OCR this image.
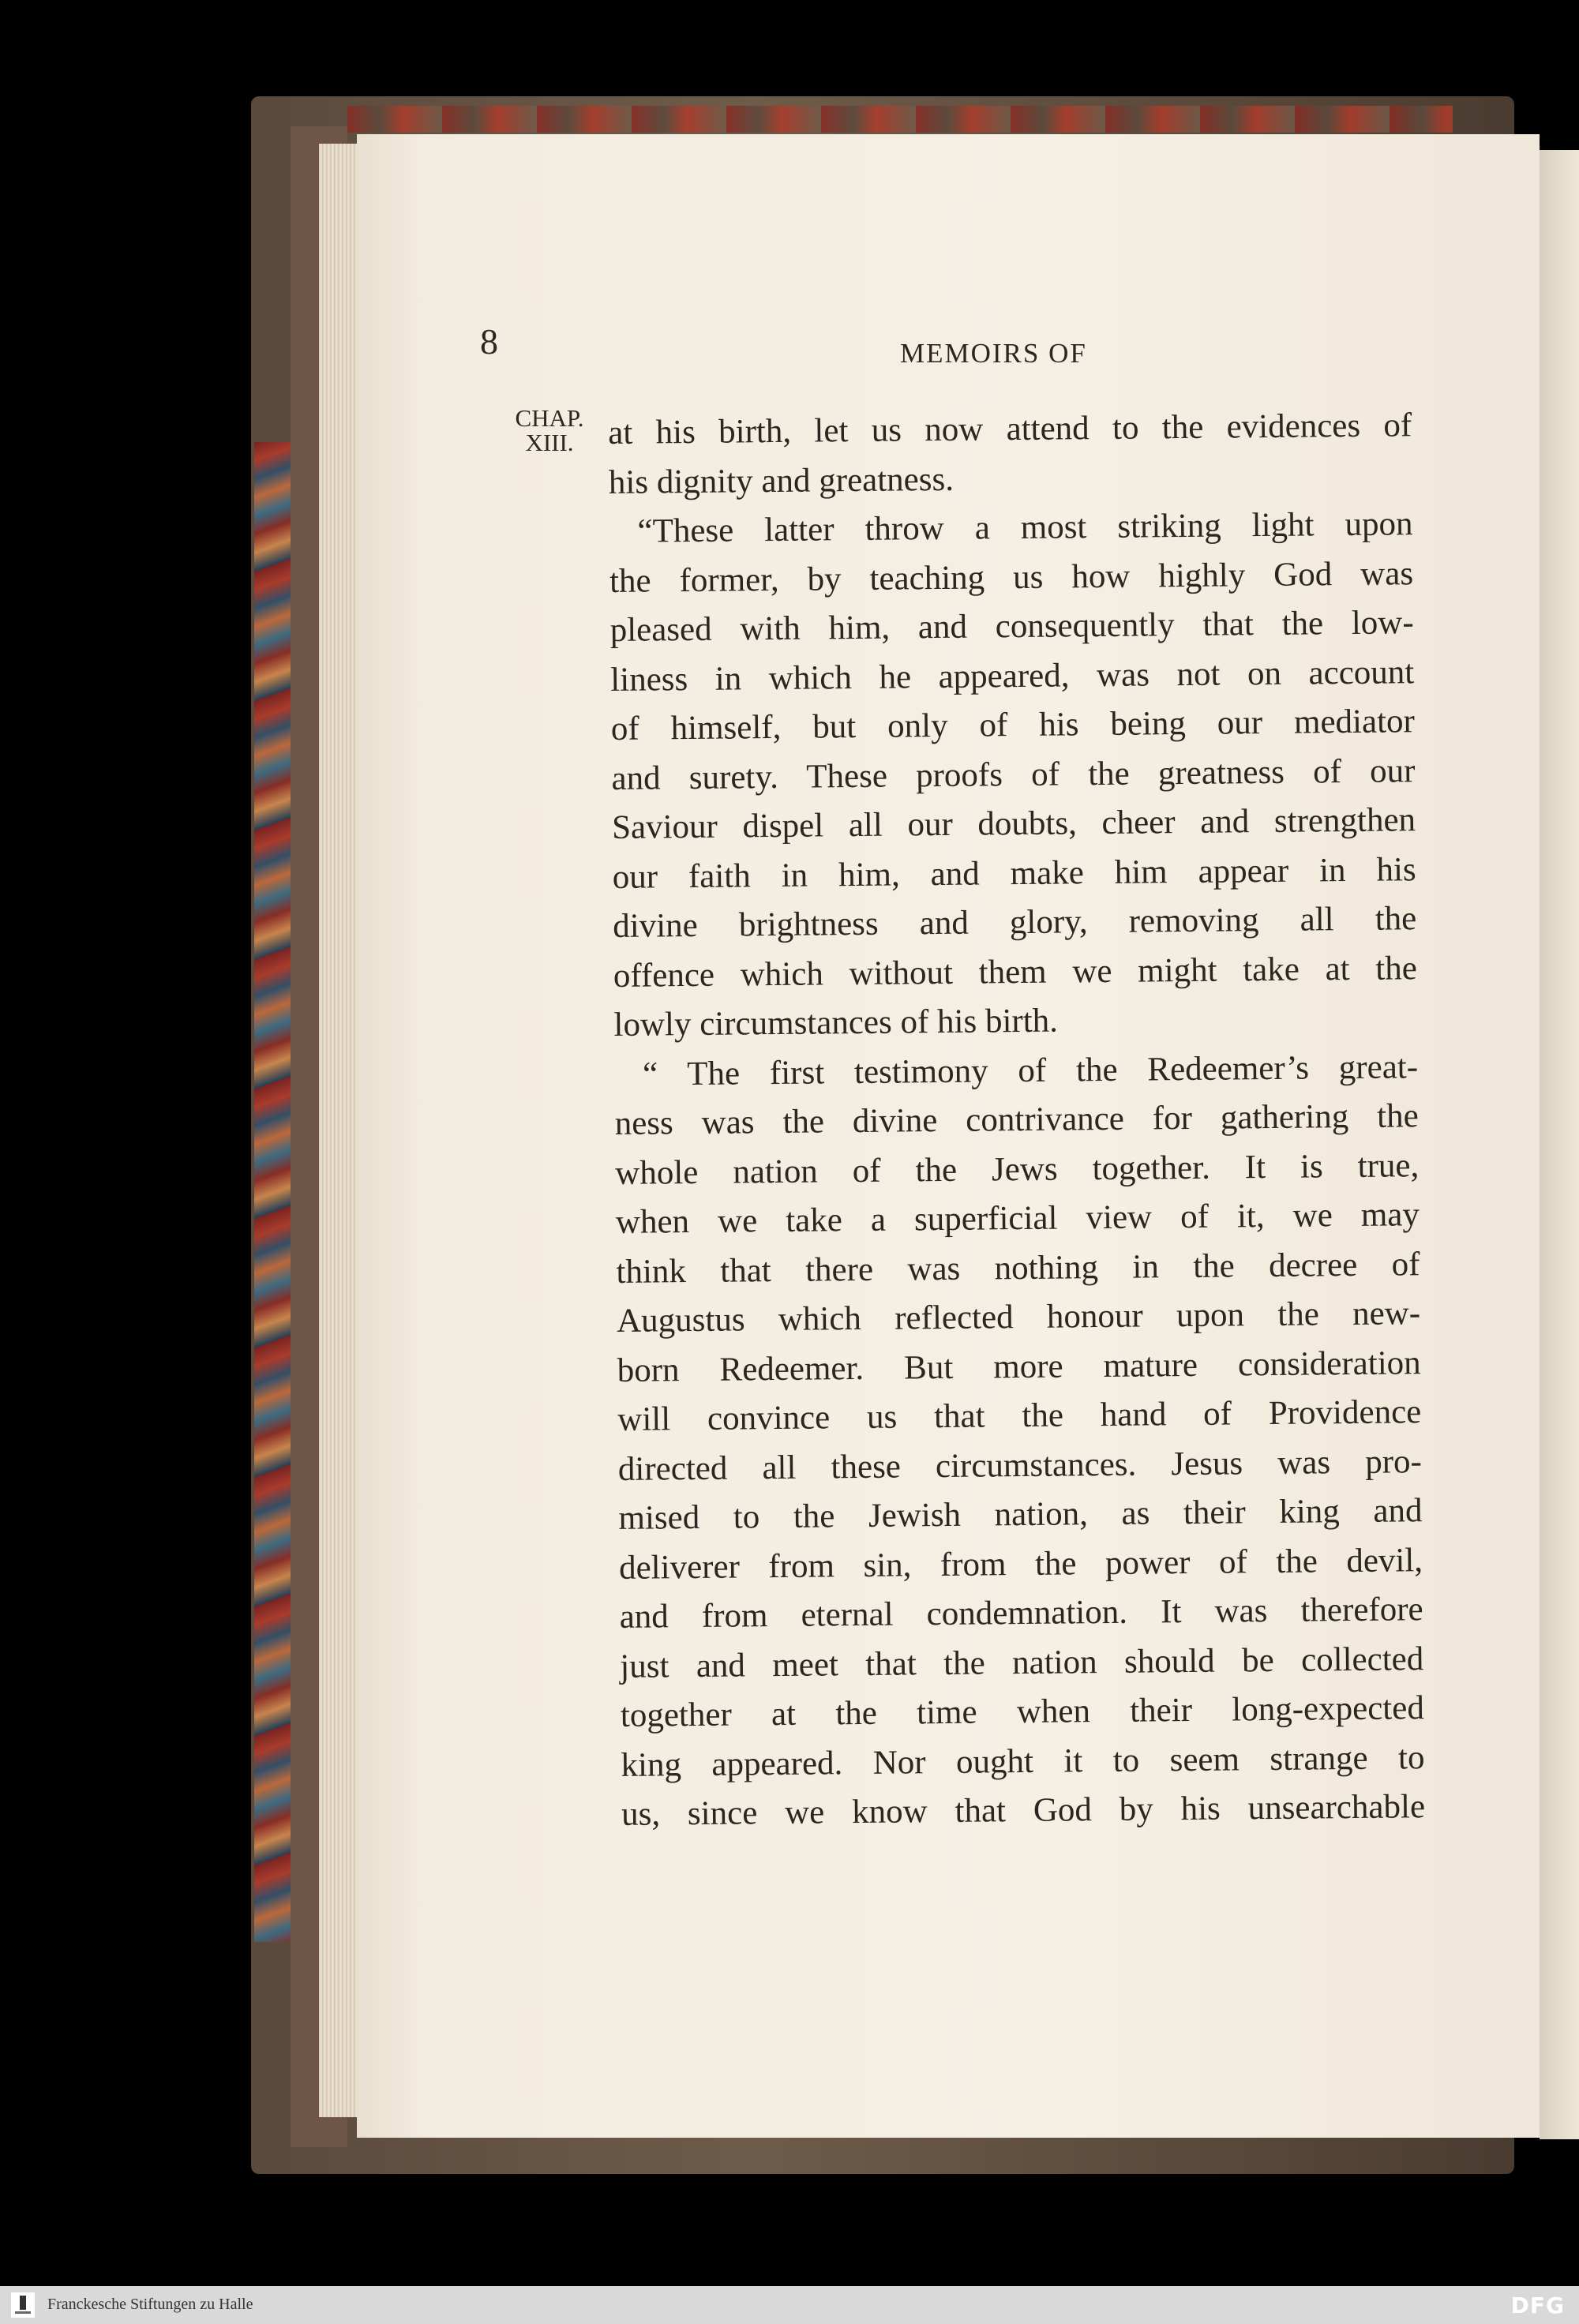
8	MEMOIRS OF

CHAP.
XIII.	at his birth, let us now attend to the evidences of
his dignity and greatness.
“These latter throw a most striking light upon
the former, by teaching us how highly God was
pleased with him, and consequently that the low-
liness in which he appeared, was not on account
of himself, but only of his being our mediator
and surety. These proofs of the greatness of our
Saviour dispel all our doubts, cheer and strengthen
our faith in him, and make him appear in his
divine brightness and glory, removing all the
offence which without them we might take at the
lowly circumstances of his birth.
“ The first testimony of the Redeemer’s great-
ness was the divine contrivance for gathering the
whole nation of the Jews together. It is true,
when we take a superficial view of it, we may
think that there was nothing in the decree of
Augustus which reflected honour upon the new-
born Redeemer. But more mature consideration
will convince us that the hand of Providence
directed all these circumstances. Jesus was pro-
mised to the Jewish nation, as their king and
deliverer from sin, from the power of the devil,
and from eternal condemnation. It was therefore
just and meet that the nation should be collected
together at the time when their long-expected
king appeared. Nor ought it to seem strange to
us, since we know that God by his unsearchable
Franckesche Stiftungen zu Halle	DFG
